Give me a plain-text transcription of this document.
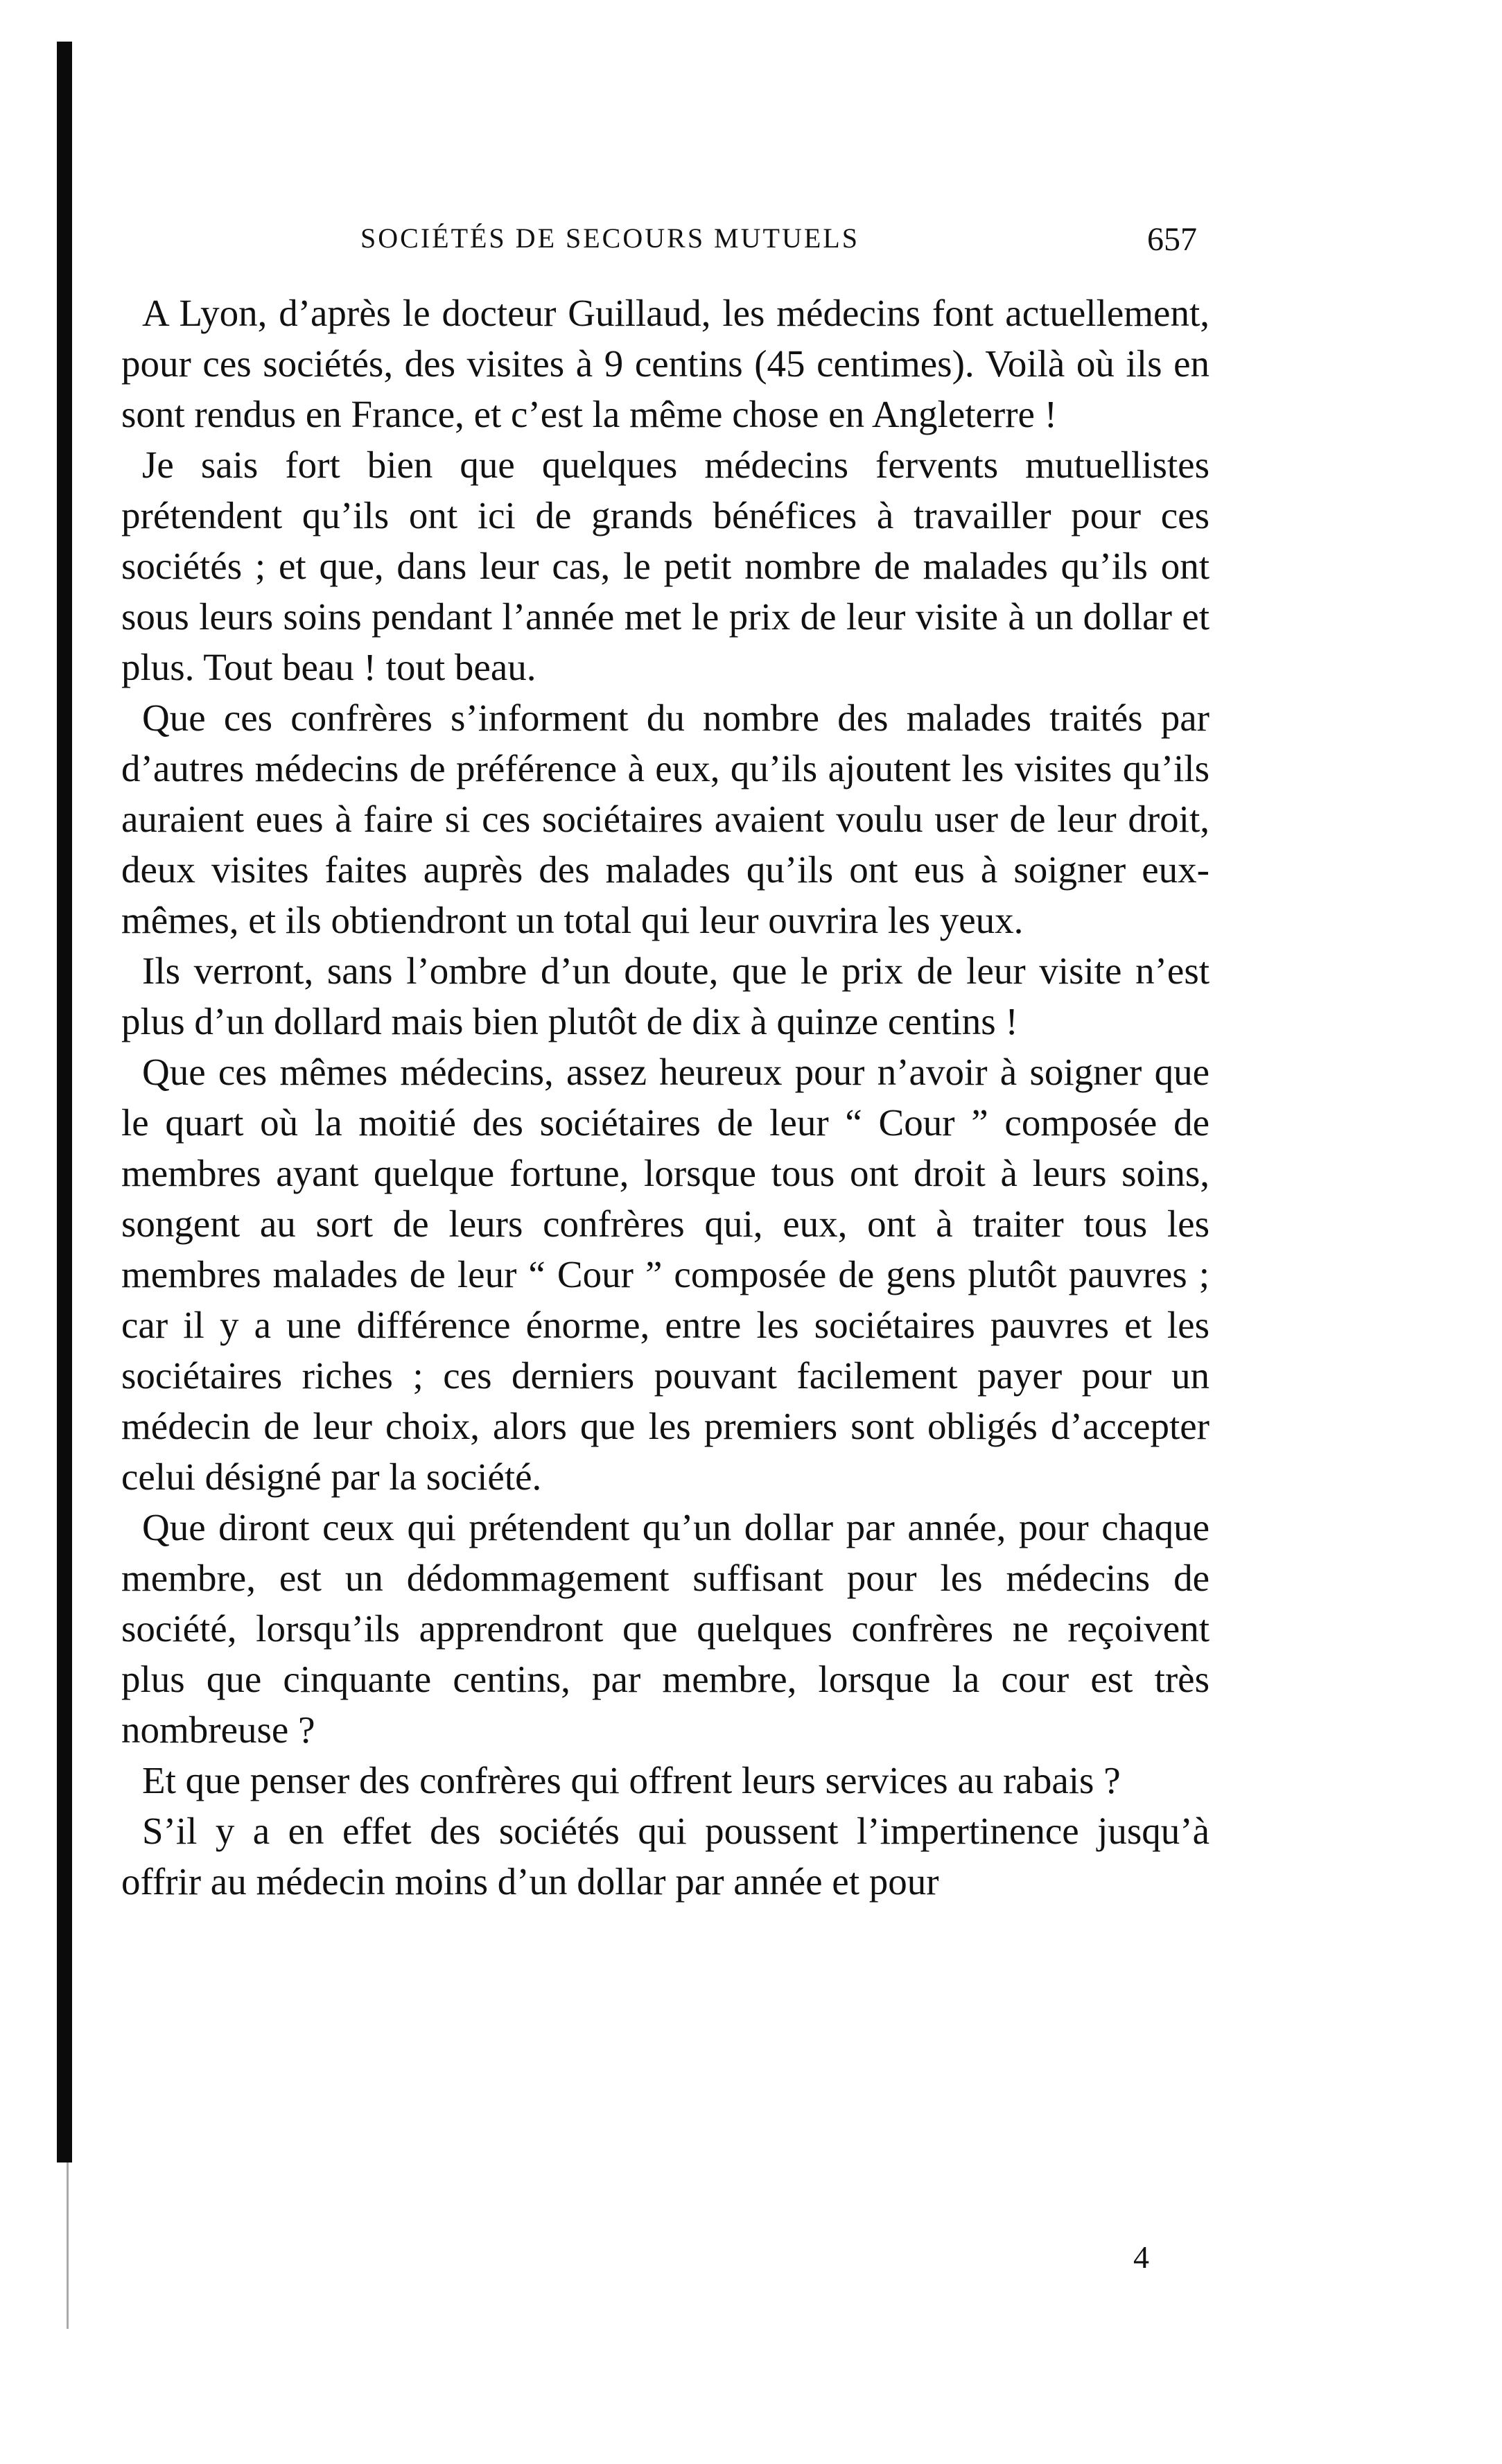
SOCIÉTÉS DE SECOURS MUTUELS	657

A Lyon, d’après le docteur Guillaud, les médecins font actuellement, pour ces sociétés, des visites à 9 centins (45 centimes). Voilà où ils en sont rendus en France, et c’est la même chose en Angleterre !

Je sais fort bien que quelques médecins fervents mutuellistes prétendent qu’ils ont ici de grands bénéfices à travailler pour ces sociétés ; et que, dans leur cas, le petit nombre de malades qu’ils ont sous leurs soins pendant l’année met le prix de leur visite à un dollar et plus. Tout beau ! tout beau.

Que ces confrères s’informent du nombre des malades traités par d’autres médecins de préférence à eux, qu’ils ajoutent les visites qu’ils auraient eues à faire si ces sociétaires avaient voulu user de leur droit, deux visites faites auprès des malades qu’ils ont eus à soigner eux-mêmes, et ils obtiendront un total qui leur ouvrira les yeux.

Ils verront, sans l’ombre d’un doute, que le prix de leur visite n’est plus d’un dollard mais bien plutôt de dix à quinze centins !

Que ces mêmes médecins, assez heureux pour n’avoir à soigner que le quart où la moitié des sociétaires de leur “ Cour ” composée de membres ayant quelque fortune, lorsque tous ont droit à leurs soins, songent au sort de leurs confrères qui, eux, ont à traiter tous les membres malades de leur “ Cour ” composée de gens plutôt pauvres ; car il y a une différence énorme, entre les sociétaires pauvres et les sociétaires riches ; ces derniers pouvant facilement payer pour un médecin de leur choix, alors que les premiers sont obligés d’accepter celui désigné par la société.

Que diront ceux qui prétendent qu’un dollar par année, pour chaque membre, est un dédommagement suffisant pour les médecins de société, lorsqu’ils apprendront que quelques confrères ne reçoivent plus que cinquante centins, par membre, lorsque la cour est très nombreuse ?

Et que penser des confrères qui offrent leurs services au rabais ?

S’il y a en effet des sociétés qui poussent l’impertinence jusqu’à offrir au médecin moins d’un dollar par année et pour

4
